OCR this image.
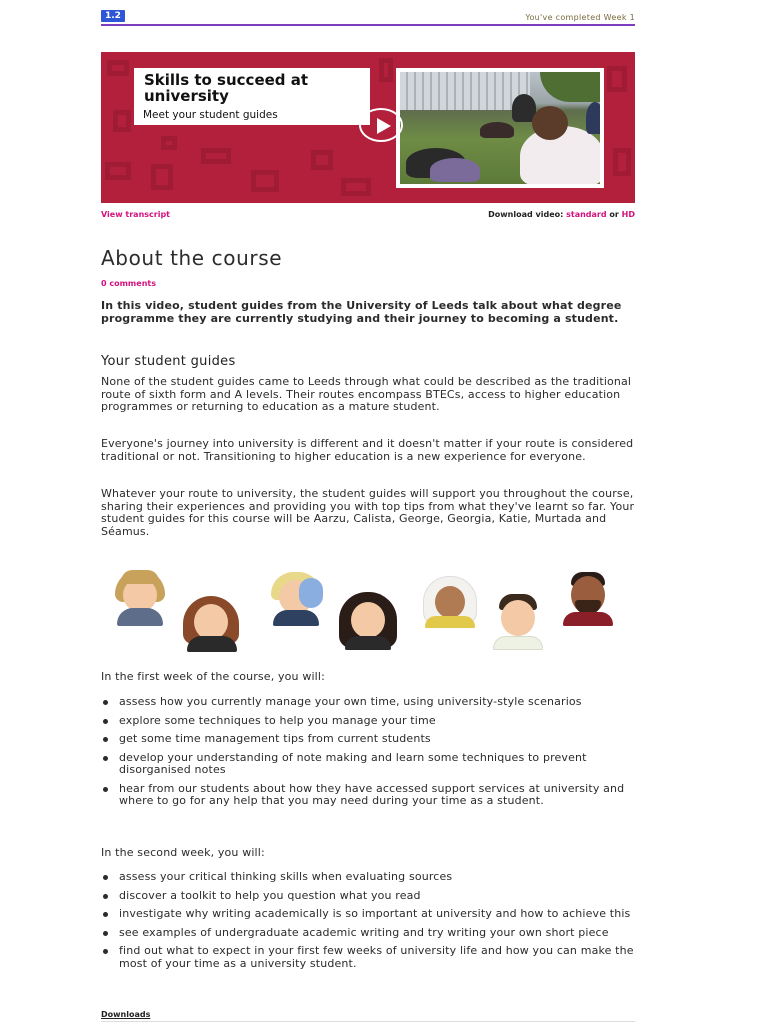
1.2	You've completed Week 1
Skills to succeed at university
Meet your student guides
View transcript	Download video: standard or HD
About the course
0 comments

In this video, student guides from the University of Leeds talk about what degree programme they are currently studying and their journey to becoming a student.

Your student guides

None of the student guides came to Leeds through what could be described as the traditional route of sixth form and A levels. Their routes encompass BTECs, access to higher education programmes or returning to education as a mature student.

Everyone's journey into university is different and it doesn't matter if your route is considered traditional or not. Transitioning to higher education is a new experience for everyone.

Whatever your route to university, the student guides will support you throughout the course, sharing their experiences and providing you with top tips from what they've learnt so far. Your student guides for this course will be Aarzu, Calista, George, Georgia, Katie, Murtada and Séamus.

In the first week of the course, you will:

assess how you currently manage your own time, using university-style scenarios
explore some techniques to help you manage your time
get some time management tips from current students
develop your understanding of note making and learn some techniques to prevent disorganised notes
hear from our students about how they have accessed support services at university and where to go for any help that you may need during your time as a student.

In the second week, you will:

assess your critical thinking skills when evaluating sources
discover a toolkit to help you question what you read
investigate why writing academically is so important at university and how to achieve this
see examples of undergraduate academic writing and try writing your own short piece
find out what to expect in your first few weeks of university life and how you can make the most of your time as a university student.
Downloads
